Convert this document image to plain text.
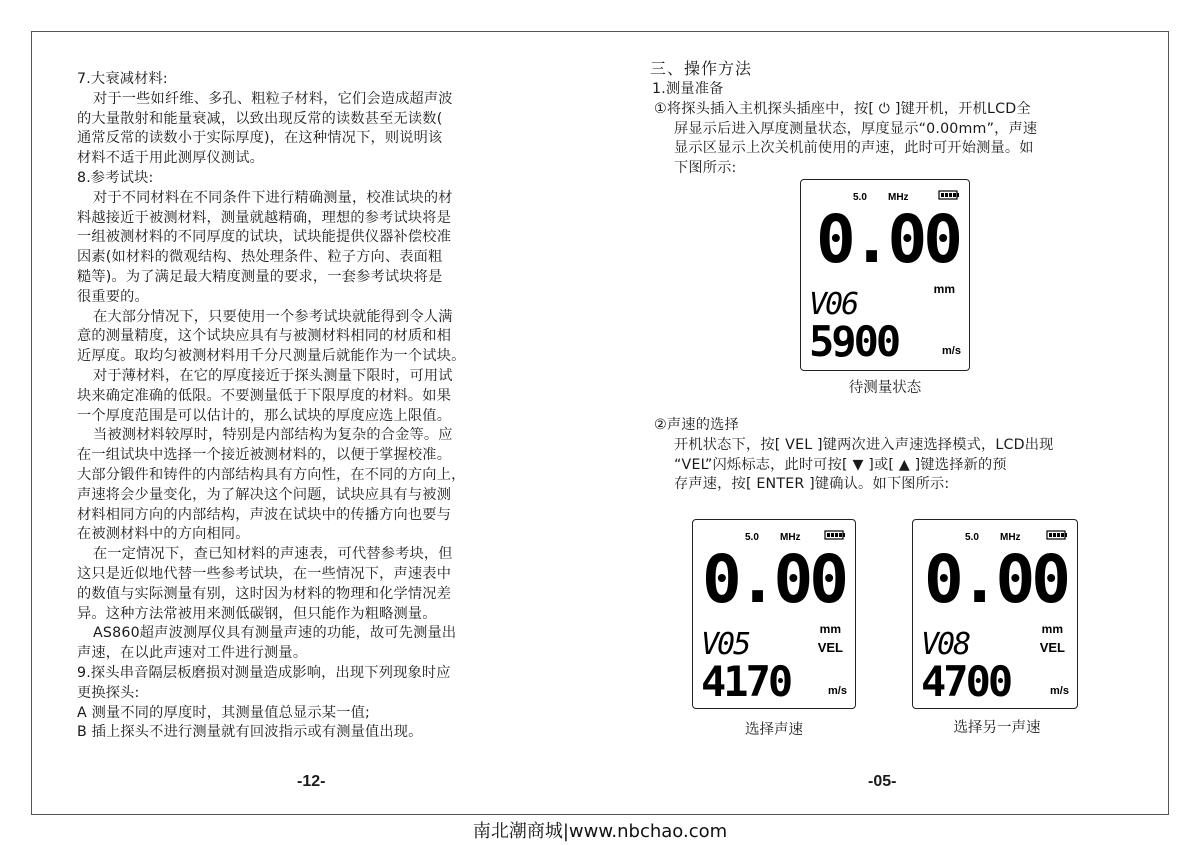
7.大衰减材料:

对于一些如纤维、多孔、粗粒子材料，它们会造成超声波

的大量散射和能量衰减，以致出现反常的读数甚至无读数(

通常反常的读数小于实际厚度)，在这种情况下，则说明该

材料不适于用此测厚仪测试。

8.参考试块:

对于不同材料在不同条件下进行精确测量，校准试块的材

料越接近于被测材料，测量就越精确，理想的参考试块将是

一组被测材料的不同厚度的试块，试块能提供仪器补偿校准

因素(如材料的微观结构、热处理条件、粒子方向、表面粗

糙等)。为了满足最大精度测量的要求，一套参考试块将是

很重要的。

在大部分情况下，只要使用一个参考试块就能得到令人满

意的测量精度，这个试块应具有与被测材料相同的材质和相

近厚度。取均匀被测材料用千分尺测量后就能作为一个试块。

对于薄材料，在它的厚度接近于探头测量下限时，可用试

块来确定准确的低限。不要测量低于下限厚度的材料。如果

一个厚度范围是可以估计的，那么试块的厚度应选上限值。

当被测材料较厚时，特别是内部结构为复杂的合金等。应

在一组试块中选择一个接近被测材料的，以便于掌握校准。

大部分锻件和铸件的内部结构具有方向性，在不同的方向上，

声速将会少量变化，为了解决这个问题，试块应具有与被测

材料相同方向的内部结构，声波在试块中的传播方向也要与

在被测材料中的方向相同。

在一定情况下，查已知材料的声速表，可代替参考块，但

这只是近似地代替一些参考试块，在一些情况下，声速表中

的数值与实际测量有别，这时因为材料的物理和化学情况差

异。这种方法常被用来测低碳钢，但只能作为粗略测量。

AS860超声波测厚仪具有测量声速的功能，故可先测量出

声速，在以此声速对工件进行测量。

9.探头串音隔层板磨损对测量造成影响，出现下列现象时应

更换探头:

A 测量不同的厚度时，其测量值总显示某一值;

B 插上探头不进行测量就有回波指示或有测量值出现。

-12-

三、操作方法

1.测量准备

①将探头插入主机探头插座中，按[ ⏻ ]键开机，开机LCD全

屏显示后进入厚度测量状态，厚度显示“0.00mm”，声速

显示区显示上次关机前使用的声速，此时可开始测量。如

下图所示:

②声速的选择

开机状态下，按[ VEL ]键两次进入声速选择模式，LCD出现

“VEL”闪烁标志，此时可按[ ▼ ]或[ ▲ ]键选择新的预

存声速，按[ ENTER ]键确认。如下图所示:

5.0 MHz
0.00
mm
V06
5900	m/s
待测量状态
5.0 MHz
0.00
mm
VEL
V05
4170	m/s
选择声速
5.0 MHz
0.00
mm
VEL
V08
4700	m/s
选择另一声速
-05-
南北潮商城|www.nbchao.com
